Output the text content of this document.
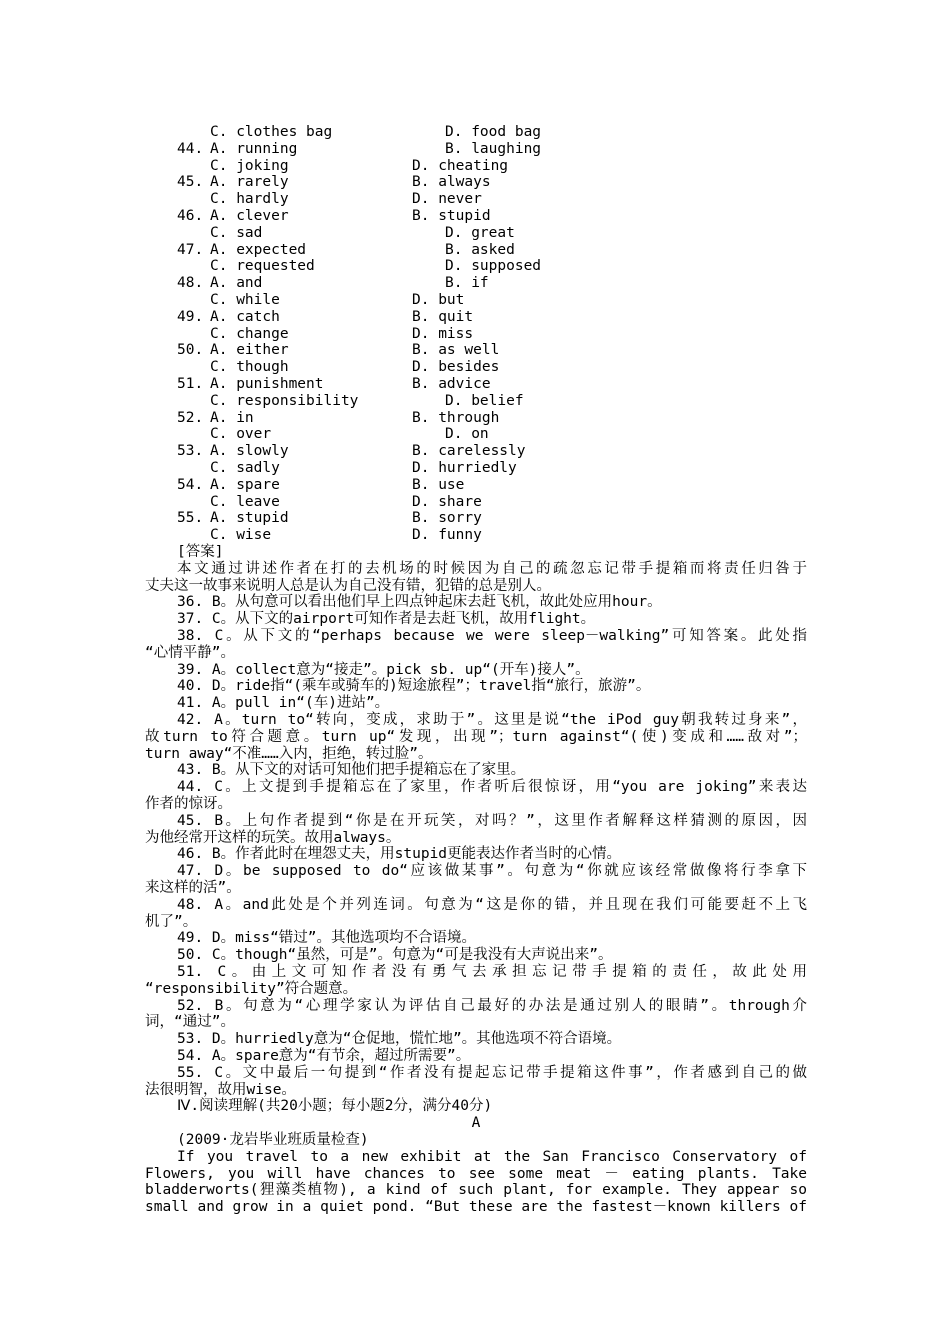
C. clothes bag	D. food bag
44. A. running	B. laughing
C. joking	D. cheating
45. A. rarely	B. always
C. hardly	D. never
46. A. clever	B. stupid
C. sad	D. great
47. A. expected	B. asked
C. requested	D. supposed
48. A. and	B. if
C. while	D. but
49. A. catch	B. quit
C. change	D. miss
50. A. either	B. as well
C. though	D. besides
51. A. punishment	B. advice
C. responsibility	D. belief
52. A. in	B. through
C. over	D. on
53. A. slowly	B. carelessly
C. sadly	D. hurriedly
54. A. spare	B. use
C. leave	D. share
55. A. stupid	B. sorry
C. wise	D. funny
[答案]
本文通过讲述作者在打的去机场的时候因为自己的疏忽忘记带手提箱而将责任归咎于
丈夫这一故事来说明人总是认为自己没有错，犯错的总是别人。
36. B。从句意可以看出他们早上四点钟起床去赶飞机，故此处应用hour。
37. C。从下文的airport可知作者是去赶飞机，故用flight。
38. C。从下文的“perhaps because we were sleep－walking”可知答案。此处指
“心情平静”。
39. A。collect意为“接走”。pick sb. up“(开车)接人”。
40. D。ride指“(乘车或骑车的)短途旅程”；travel指“旅行，旅游”。
41. A。pull in“(车)进站”。
42. A。turn to“转向，变成，求助于”。这里是说“the iPod guy朝我转过身来”，
故turn to符合题意。turn up“发现，出现”；turn against“(使)变成和……敌对”；
turn away“不准……入内，拒绝，转过脸”。
43. B。从下文的对话可知他们把手提箱忘在了家里。
44. C。上文提到手提箱忘在了家里，作者听后很惊讶，用“you are joking”来表达
作者的惊讶。
45. B。上句作者提到“你是在开玩笑，对吗？”，这里作者解释这样猜测的原因，因
为他经常开这样的玩笑。故用always。
46. B。作者此时在埋怨丈夫，用stupid更能表达作者当时的心情。
47. D。be supposed to do“应该做某事”。句意为“你就应该经常做像将行李拿下
来这样的活”。
48. A。and此处是个并列连词。句意为“这是你的错，并且现在我们可能要赶不上飞
机了”。
49. D。miss“错过”。其他选项均不合语境。
50. C。though“虽然，可是”。句意为“可是我没有大声说出来”。
51. C。由上文可知作者没有勇气去承担忘记带手提箱的责任，故此处用
“responsibility”符合题意。
52. B。句意为“心理学家认为评估自己最好的办法是通过别人的眼睛”。through介
词，“通过”。
53. D。hurriedly意为“仓促地，慌忙地”。其他选项不符合语境。
54. A。spare意为“有节余，超过所需要”。
55. C。文中最后一句提到“作者没有提起忘记带手提箱这件事”，作者感到自己的做
法很明智，故用wise。
Ⅳ.阅读理解(共20小题；每小题2分，满分40分)
A
(2009·龙岩毕业班质量检查)
If you travel to a new exhibit at the San Francisco Conservatory of
Flowers, you will have chances to see some meat － eating plants. Take
bladderworts(狸藻类植物), a kind of such plant, for example. They appear so
small and grow in a quiet pond. “But these are the fastest－known killers of
